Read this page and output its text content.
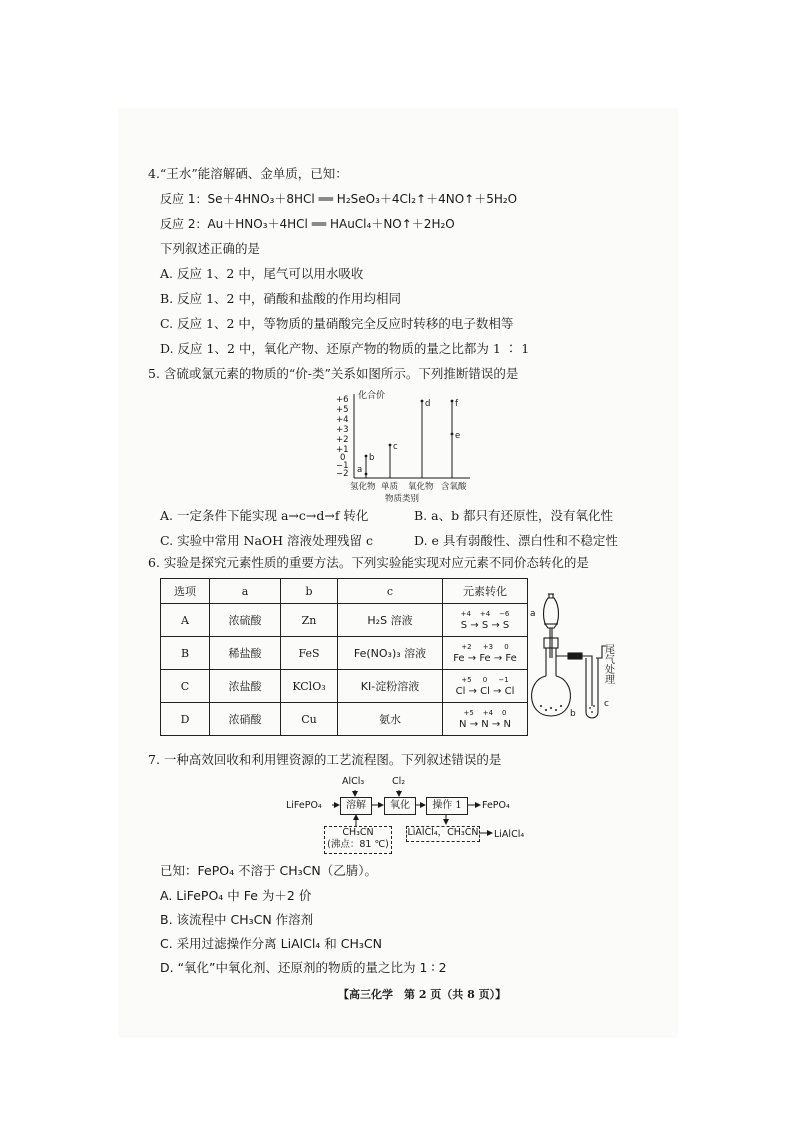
4.“王水”能溶解硒、金单质，已知：
反应 1：Se＋4HNO₃＋8HCl ══ H₂SeO₃＋4Cl₂↑＋4NO↑＋5H₂O
反应 2：Au＋HNO₃＋4HCl ══ HAuCl₄＋NO↑＋2H₂O
下列叙述正确的是
A. 反应 1、2 中，尾气可以用水吸收
B. 反应 1、2 中，硝酸和盐酸的作用均相同
C. 反应 1、2 中，等物质的量硝酸完全反应时转移的电子数相等
D. 反应 1、2 中，氧化产物、还原产物的物质的量之比都为 1 ∶ 1
5. 含硫或氯元素的物质的“价-类”关系如图所示。下列推断错误的是
化合价
+6
+5
+4
+3
+2
+1
0
−1
−2 a
b
c
d	f
e
氢化物 单质 氧化物 含氧酸
物质类别
A. 一定条件下能实现 a→c→d→f 转化	B. a、b 都只有还原性，没有氧化性
C. 实验中常用 NaOH 溶液处理残留 c	D. e 具有弱酸性、漂白性和不稳定性
6. 实验是探究元素性质的重要方法。下列实验能实现对应元素不同价态转化的是
选项	a	b	c	元素转化
A	浓硫酸	Zn	H₂S 溶液	+4 +4 −6
S → S → S

B	稀盐酸	FeS	Fe(NO₃)₃ 溶液	+2 +3 0
Fe → Fe → Fe

C	浓盐酸	KClO₃	KI-淀粉溶液	+5 0 −1
Cl → Cl → Cl

D	浓硝酸	Cu	氨水	+5 +4 0
N → N → N
a
b
c
尾气处理
7. 一种高效回收和利用锂资源的工艺流程图。下列叙述错误的是
LiFePO₄
AlCl₃	Cl₂
溶解	氧化	操作 1	FePO₄
CH₃CN
(沸点：81 ℃)
LiAlCl₄，CH₃CN LiAlCl₄
已知：FePO₄ 不溶于 CH₃CN（乙腈）。
A. LiFePO₄ 中 Fe 为＋2 价
B. 该流程中 CH₃CN 作溶剂
C. 采用过滤操作分离 LiAlCl₄ 和 CH₃CN
D. “氧化”中氧化剂、还原剂的物质的量之比为 1 ∶ 2
【高三化学　第 2 页（共 8 页）】
